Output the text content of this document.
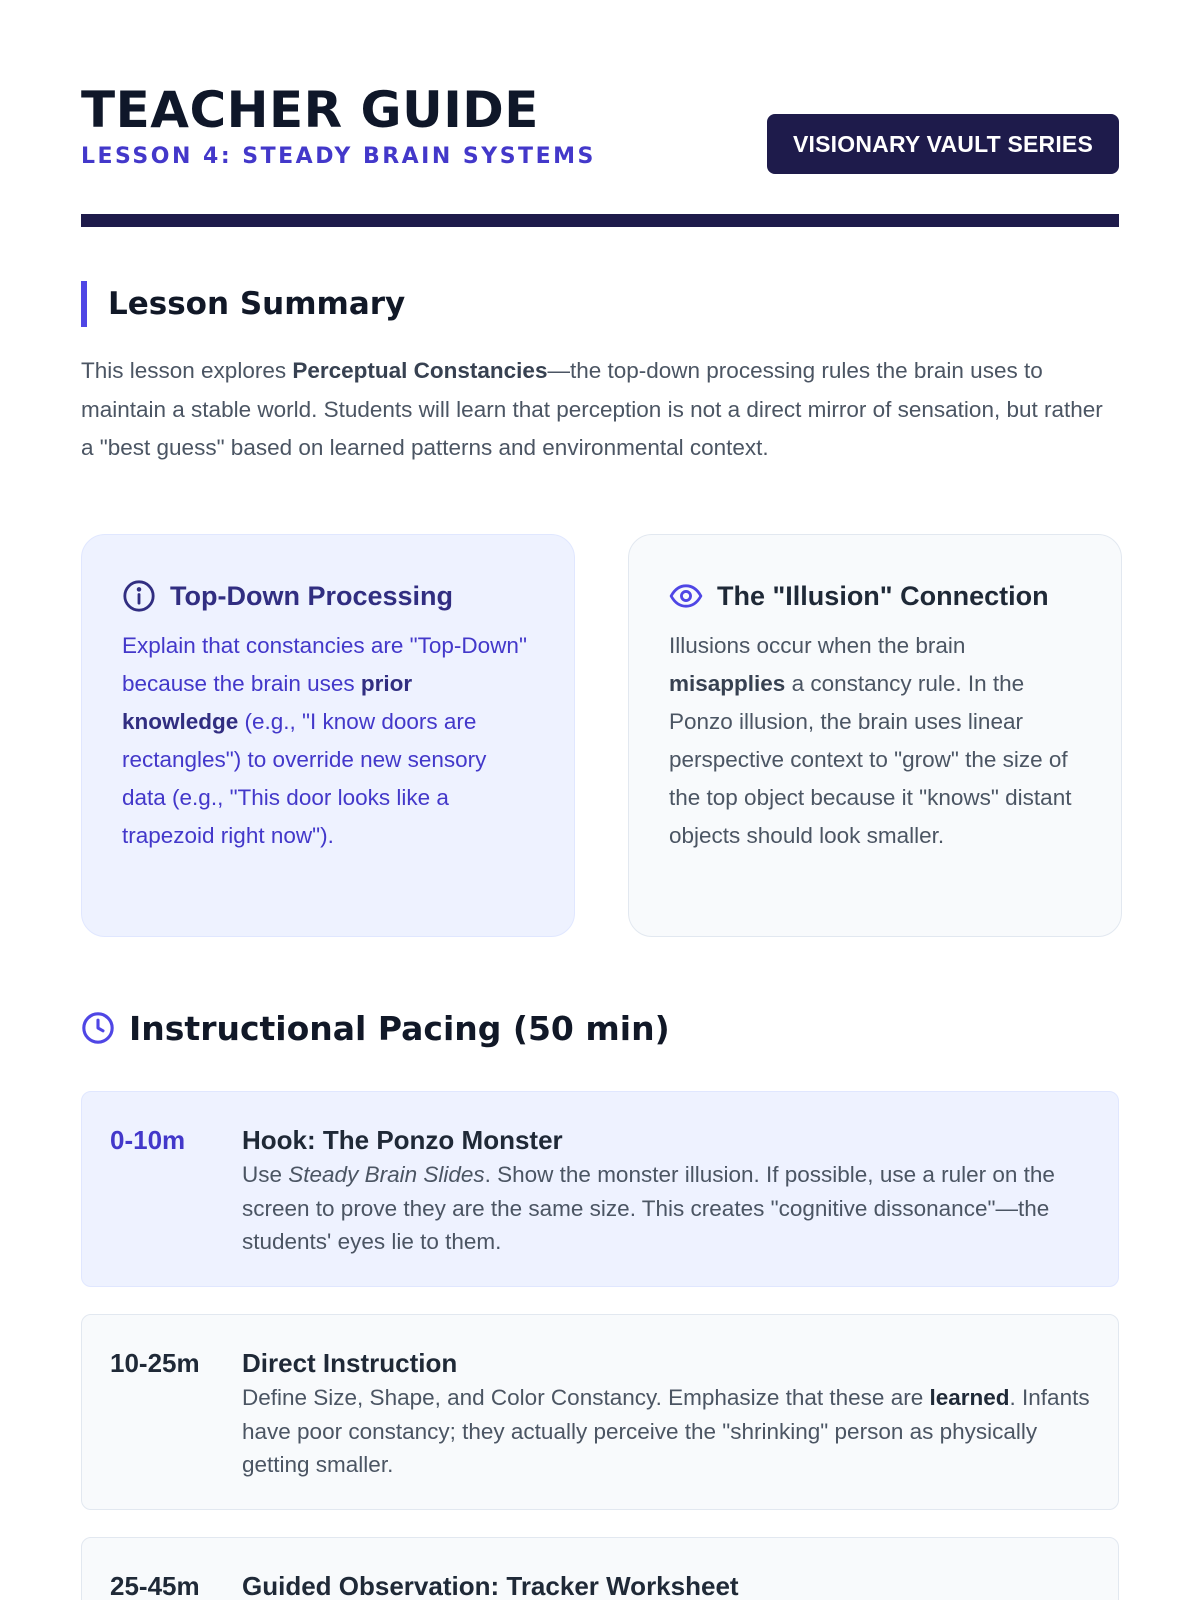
TEACHER GUIDE
LESSON 4: STEADY BRAIN SYSTEMS	VISIONARY VAULT SERIES
Lesson Summary

This lesson explores Perceptual Constancies—the top-down processing rules the brain uses to maintain a stable world. Students will learn that perception is not a direct mirror of sensation, but rather a "best guess" based on learned patterns and environmental context.

Top-Down Processing
Explain that constancies are "Top-Down" because the brain uses prior knowledge (e.g., "I know doors are rectangles") to override new sensory data (e.g., "This door looks like a trapezoid right now").
The "Illusion" Connection
Illusions occur when the brain misapplies a constancy rule. In the Ponzo illusion, the brain uses linear perspective context to "grow" the size of the top object because it "knows" distant objects should look smaller.
Instructional Pacing (50 min)
0-10m	Hook: The Ponzo Monster
Use Steady Brain Slides. Show the monster illusion. If possible, use a ruler on the screen to prove they are the same size. This creates "cognitive dissonance"—the students' eyes lie to them.
10-25m	Direct Instruction
Define Size, Shape, and Color Constancy. Emphasize that these are learned. Infants have poor constancy; they actually perceive the "shrinking" person as physically getting smaller.
25-45m	Guided Observation: Tracker Worksheet
